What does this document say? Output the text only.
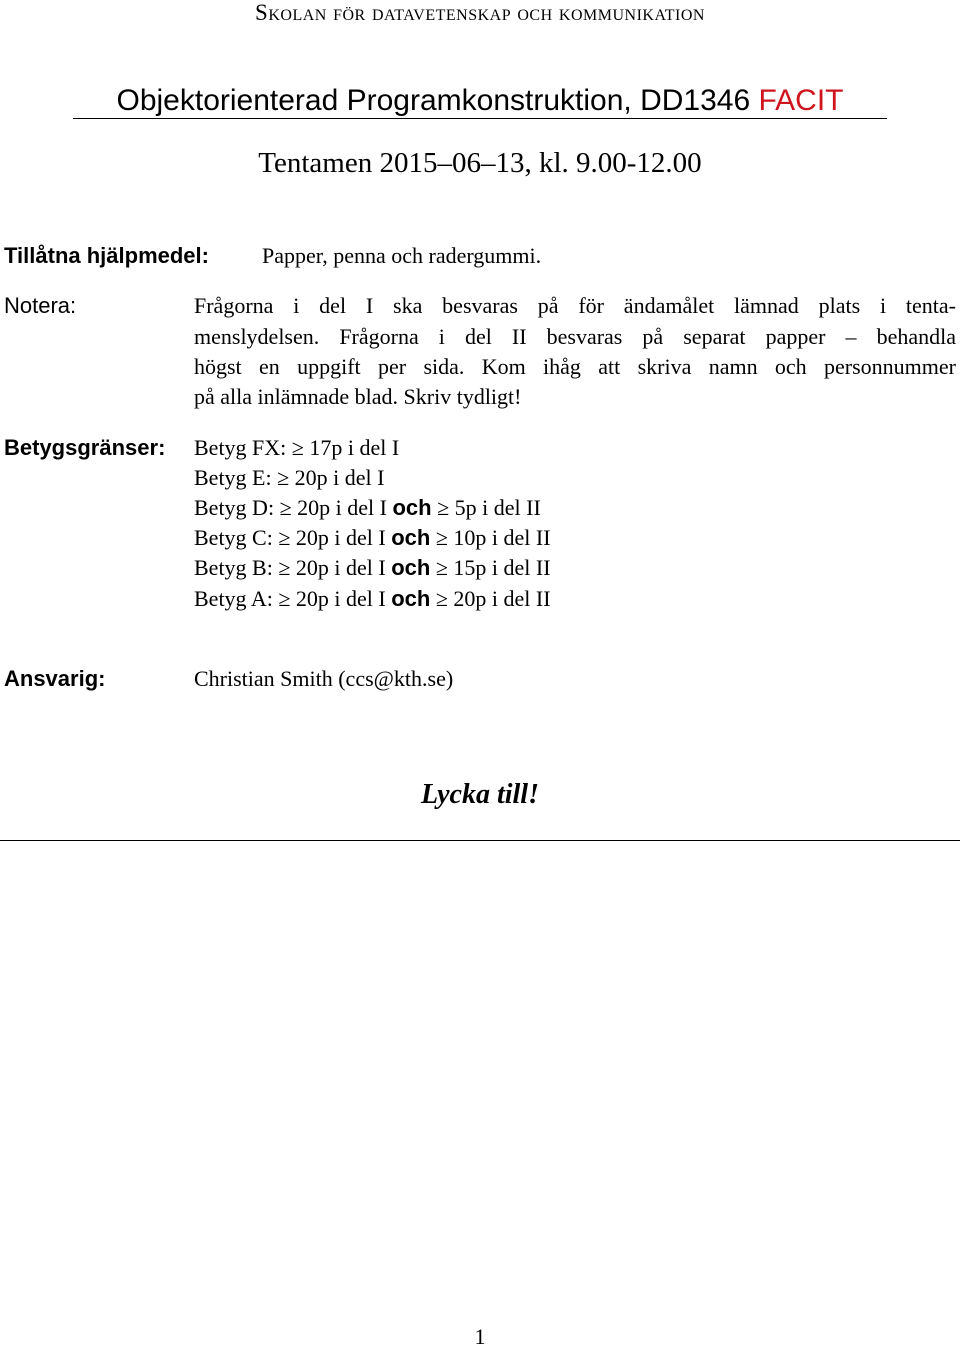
Skolan för datavetenskap och kommunikation
Objektorienterad Programkonstruktion, DD1346 FACIT
Tentamen 2015–06–13, kl. 9.00-12.00
Tillåtna hjälpmedel: Papper, penna och radergummi.
Notera:	Frågorna i del I ska besvaras på för ändamålet lämnad plats i tenta-
menslydelsen. Frågorna i del II besvaras på separat papper – behandla
högst en uppgift per sida. Kom ihåg att skriva namn och personnummer
på alla inlämnade blad. Skriv tydligt!
Betygsgränser: Betyg FX: ≥ 17p i del I
Betyg E: ≥ 20p i del I
Betyg D: ≥ 20p i del I och ≥ 5p i del II
Betyg C: ≥ 20p i del I och ≥ 10p i del II
Betyg B: ≥ 20p i del I och ≥ 15p i del II
Betyg A: ≥ 20p i del I och ≥ 20p i del II
Ansvarig:	Christian Smith (ccs@kth.se)
Lycka till!
1
